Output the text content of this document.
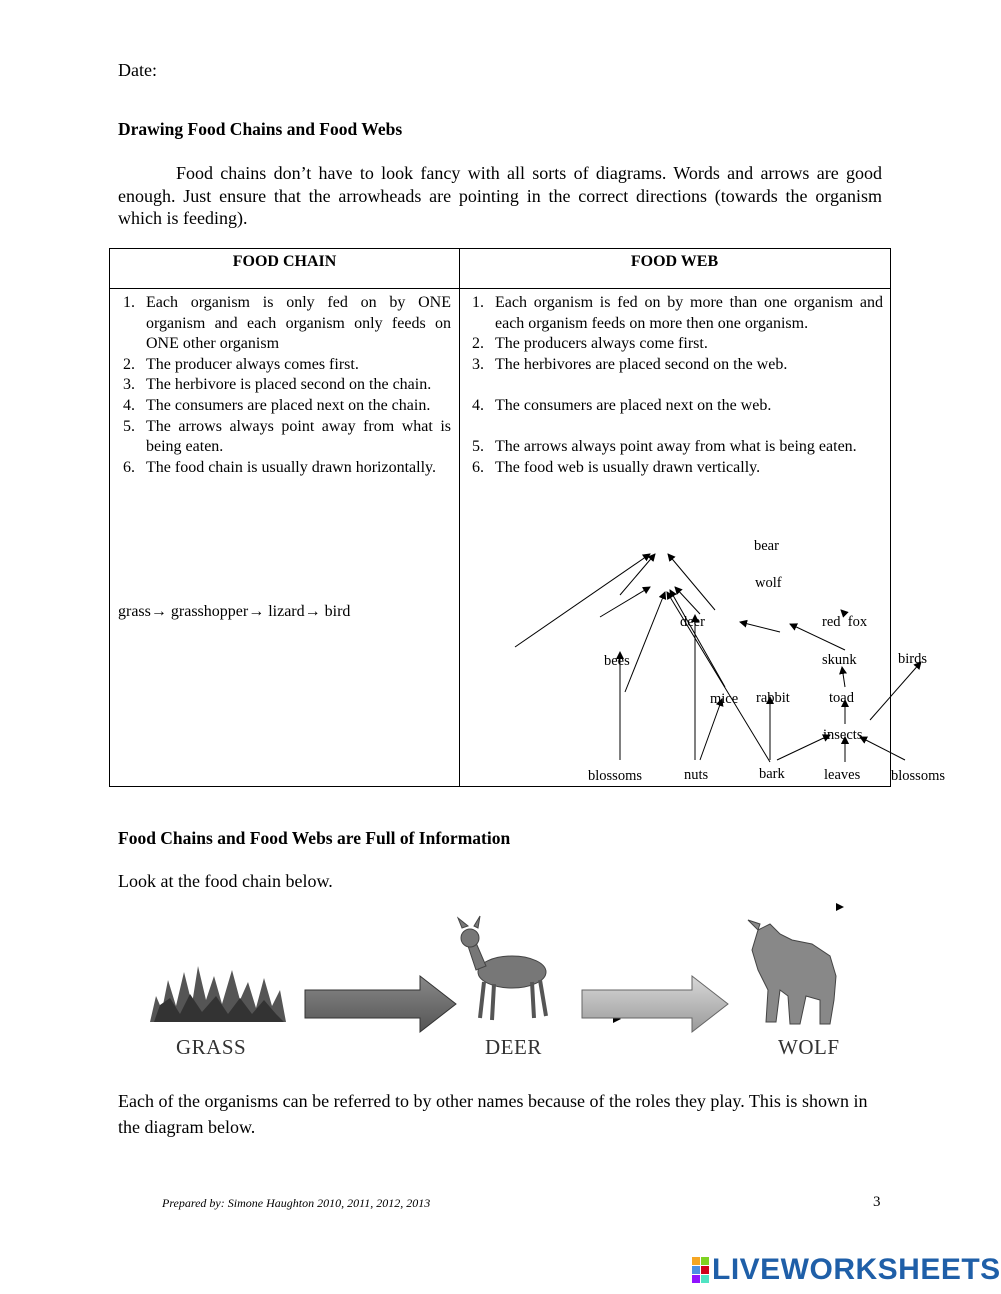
Date:
Drawing Food Chains and Food Webs

Food chains don’t have to look fancy with all sorts of diagrams. Words and arrows are good enough. Just ensure that the arrowheads are pointing in the correct directions (towards the organism which is feeding).

FOOD CHAIN	FOOD WEB
1. Each organism is only fed on by ONE organism and each organism only feeds on ONE other organism
2. The producer always comes first.
3. The herbivore is placed second on the chain.
4. The consumers are placed next on the chain.
5. The arrows always point away from what is being eaten.
6. The food chain is usually drawn horizontally.
1. Each organism is fed on by more than one organism and each organism feeds on more then one organism.
2. The producers always come first.
3. The herbivores are placed second on the web.
4. The consumers are placed next on the web.
5. The arrows always point away from what is being eaten.
6. The food web is usually drawn vertically.
grass→ grasshopper→ lizard→ bird
bear
wolf
deer	red  fox
bees	skunk	birds
mice rabbit	toad
insects
blossoms	nuts	bark	leaves blossoms
Food Chains and Food Webs are Full of Information
Look at the food chain below.
GRASS	DEER	WOLF

Each of the organisms can be referred to by other names because of the roles they play. This is shown in the diagram below.

Prepared by: Simone Haughton 2010, 2011, 2012, 2013	3
LIVEWORKSHEETS
